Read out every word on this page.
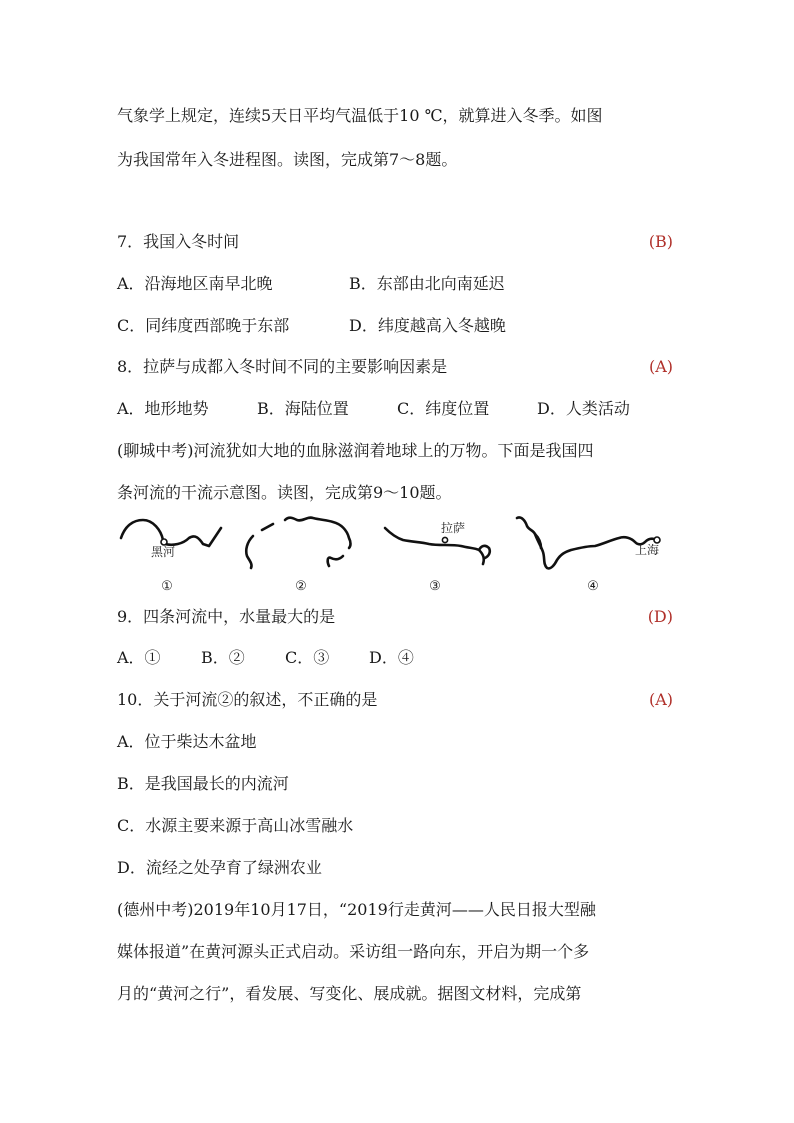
气象学上规定，连续5天日平均气温低于10 ℃，就算进入冬季。如图
为我国常年入冬进程图。读图，完成第7～8题。
7．我国入冬时间	(B)
A．沿海地区南早北晚	B．东部由北向南延迟
C．同纬度西部晚于东部	D．纬度越高入冬越晚
8．拉萨与成都入冬时间不同的主要影响因素是	(A)
A．地形地势	B．海陆位置	C．纬度位置	D．人类活动
(聊城中考)河流犹如大地的血脉滋润着地球上的万物。下面是我国四
条河流的干流示意图。读图，完成第9～10题。
黑河
拉萨
上海
①	②	③	④
9．四条河流中，水量最大的是	(D)
A．①	B．②	C．③ D．④
10．关于河流②的叙述，不正确的是	(A)
A．位于柴达木盆地
B．是我国最长的内流河
C．水源主要来源于高山冰雪融水
D．流经之处孕育了绿洲农业
(德州中考)2019年10月17日，“2019行走黄河——人民日报大型融
媒体报道”在黄河源头正式启动。采访组一路向东，开启为期一个多
月的“黄河之行”，看发展、写变化、展成就。据图文材料，完成第
